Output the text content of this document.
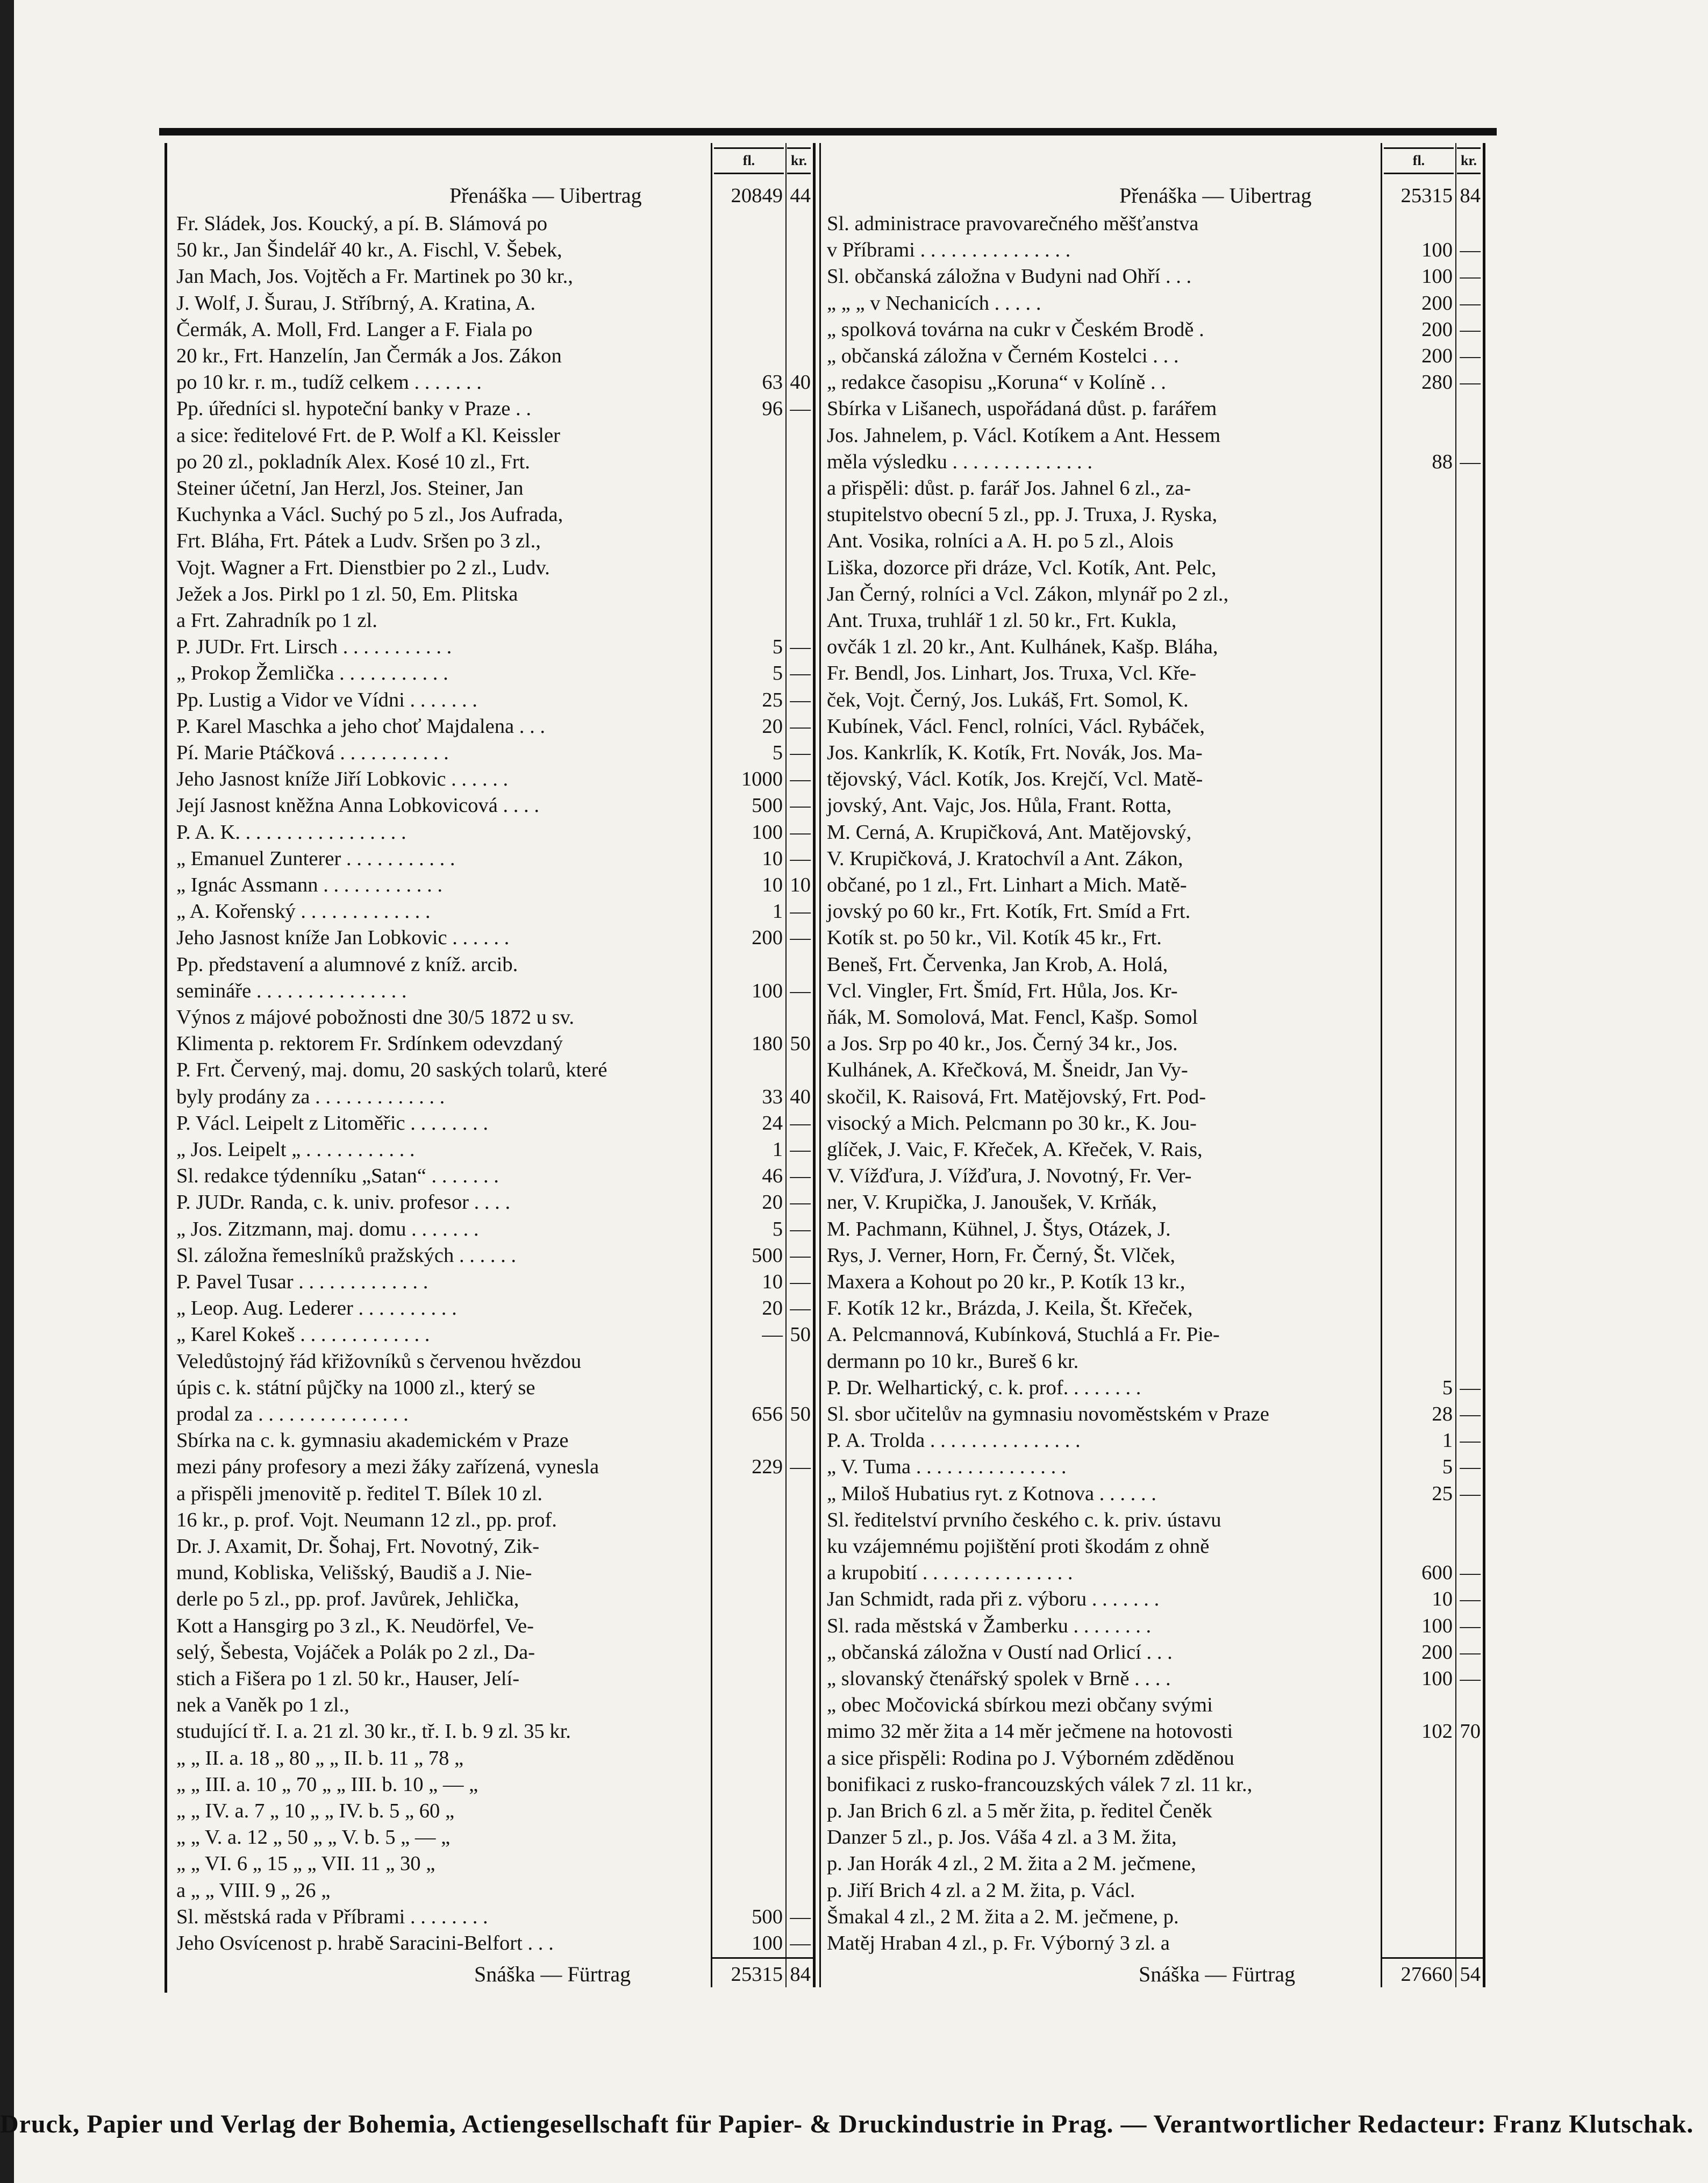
fl.	kr.	fl.	kr.
Přenáška — Uibertrag	20849 44	Přenáška — Uibertrag	25315 84
Fr. Sládek, Jos. Koucký, a pí. B. Slámová po
50 kr., Jan Šindelář 40 kr., A. Fischl, V. Šebek,
Jan Mach, Jos. Vojtěch a Fr. Martinek po 30 kr.,
J. Wolf, J. Šurau, J. Stříbrný, A. Kratina, A.
Čermák, A. Moll, Frd. Langer a F. Fiala po
20 kr., Frt. Hanzelín, Jan Čermák a Jos. Zákon
po 10 kr. r. m., tudíž celkem . . . . . . .	63 40
Pp. úředníci sl. hypoteční banky v Praze . .	96 —
a sice: ředitelové Frt. de P. Wolf a Kl. Keissler
po 20 zl., pokladník Alex. Kosé 10 zl., Frt.
Steiner účetní, Jan Herzl, Jos. Steiner, Jan
Kuchynka a Václ. Suchý po 5 zl., Jos Aufrada,
Frt. Bláha, Frt. Pátek a Ludv. Sršen po 3 zl.,
Vojt. Wagner a Frt. Dienstbier po 2 zl., Ludv.
Ježek a Jos. Pirkl po 1 zl. 50, Em. Plitska
a Frt. Zahradník po 1 zl.
P. JUDr. Frt. Lirsch . . . . . . . . . . .	5 —
„ Prokop Žemlička . . . . . . . . . . .	5 —
Pp. Lustig a Vidor ve Vídni . . . . . . .	25 —
P. Karel Maschka a jeho choť Majdalena . . .	20 —
Pí. Marie Ptáčková . . . . . . . . . . .	5 —
Jeho Jasnost kníže Jiří Lobkovic . . . . . .	1000 —
Její Jasnost kněžna Anna Lobkovicová . . . .	500 —
P. A. K. . . . . . . . . . . . . . . . .	100 —
„ Emanuel Zunterer . . . . . . . . . . .	10 —
„ Ignác Assmann . . . . . . . . . . . .	10 10
„ A. Kořenský . . . . . . . . . . . . .	1 —
Jeho Jasnost kníže Jan Lobkovic . . . . . .	200 —
Pp. představení a alumnové z kníž. arcib.
semináře . . . . . . . . . . . . . . .	100 —
Výnos z májové pobožnosti dne 30/5 1872 u sv.
Klimenta p. rektorem Fr. Srdínkem odevzdaný	180 50
P. Frt. Červený, maj. domu, 20 saských tolarů, které
byly prodány za . . . . . . . . . . . . .	33 40
P. Václ. Leipelt z Litoměřic . . . . . . . .	24 —
„ Jos. Leipelt „ . . . . . . . . . . .	1 —
Sl. redakce týdenníku „Satan“ . . . . . . .	46 —
P. JUDr. Randa, c. k. univ. profesor . . . .	20 —
„ Jos. Zitzmann, maj. domu . . . . . . .	5 —
Sl. záložna řemeslníků pražských . . . . . .	500 —
P. Pavel Tusar . . . . . . . . . . . . .	10 —
„ Leop. Aug. Lederer . . . . . . . . . .	20 —
„ Karel Kokeš . . . . . . . . . . . . .	— 50
Veledůstojný řád křižovníků s červenou hvězdou
úpis c. k. státní půjčky na 1000 zl., který se
prodal za . . . . . . . . . . . . . . .	656 50
Sbírka na c. k. gymnasiu akademickém v Praze
mezi pány profesory a mezi žáky zařízená, vynesla	229 —
a přispěli jmenovitě p. ředitel T. Bílek 10 zl.
16 kr., p. prof. Vojt. Neumann 12 zl., pp. prof.
Dr. J. Axamit, Dr. Šohaj, Frt. Novotný, Zik-
mund, Kobliska, Velišský, Baudiš a J. Nie-
derle po 5 zl., pp. prof. Javůrek, Jehlička,
Kott a Hansgirg po 3 zl., K. Neudörfel, Ve-
selý, Šebesta, Vojáček a Polák po 2 zl., Da-
stich a Fišera po 1 zl. 50 kr., Hauser, Jelí-
nek a Vaněk po 1 zl.,
studující tř. I. a. 21 zl. 30 kr., tř. I. b. 9 zl. 35 kr.
„ „ II. a. 18 „ 80 „ „ II. b. 11 „ 78 „
„ „ III. a. 10 „ 70 „ „ III. b. 10 „ — „
„ „ IV. a. 7 „ 10 „ „ IV. b. 5 „ 60 „
„ „ V. a. 12 „ 50 „ „ V. b. 5 „ — „
„ „ VI. 6 „ 15 „ „ VII. 11 „ 30 „
a „ „ VIII. 9 „ 26 „
Sl. městská rada v Příbrami . . . . . . . .	500 —
Jeho Osvícenost p. hrabě Saracini-Belfort . . .	100 —
Sl. administrace pravovarečného měšťanstva
v Příbrami . . . . . . . . . . . . . . .	100 —
Sl. občanská záložna v Budyni nad Ohří . . .	100 —
„ „ „ v Nechanicích . . . . .	200 —
„ spolková továrna na cukr v Českém Brodě .	200 —
„ občanská záložna v Černém Kostelci . . .	200 —
„ redakce časopisu „Koruna“ v Kolíně . .	280 —
Sbírka v Lišanech, uspořádaná důst. p. farářem
Jos. Jahnelem, p. Václ. Kotíkem a Ant. Hessem
měla výsledku . . . . . . . . . . . . . .	88 —
a přispěli: důst. p. farář Jos. Jahnel 6 zl., za-
stupitelstvo obecní 5 zl., pp. J. Truxa, J. Ryska,
Ant. Vosika, rolníci a A. H. po 5 zl., Alois
Liška, dozorce při dráze, Vcl. Kotík, Ant. Pelc,
Jan Černý, rolníci a Vcl. Zákon, mlynář po 2 zl.,
Ant. Truxa, truhlář 1 zl. 50 kr., Frt. Kukla,
ovčák 1 zl. 20 kr., Ant. Kulhánek, Kašp. Bláha,
Fr. Bendl, Jos. Linhart, Jos. Truxa, Vcl. Kře-
ček, Vojt. Černý, Jos. Lukáš, Frt. Somol, K.
Kubínek, Václ. Fencl, rolníci, Václ. Rybáček,
Jos. Kankrlík, K. Kotík, Frt. Novák, Jos. Ma-
tějovský, Václ. Kotík, Jos. Krejčí, Vcl. Matě-
jovský, Ant. Vajc, Jos. Hůla, Frant. Rotta,
M. Cerná, A. Krupičková, Ant. Matějovský,
V. Krupičková, J. Kratochvíl a Ant. Zákon,
občané, po 1 zl., Frt. Linhart a Mich. Matě-
jovský po 60 kr., Frt. Kotík, Frt. Smíd a Frt.
Kotík st. po 50 kr., Vil. Kotík 45 kr., Frt.
Beneš, Frt. Červenka, Jan Krob, A. Holá,
Vcl. Vingler, Frt. Šmíd, Frt. Hůla, Jos. Kr-
ňák, M. Somolová, Mat. Fencl, Kašp. Somol
a Jos. Srp po 40 kr., Jos. Černý 34 kr., Jos.
Kulhánek, A. Křečková, M. Šneidr, Jan Vy-
skočil, K. Raisová, Frt. Matějovský, Frt. Pod-
visocký a Mich. Pelcmann po 30 kr., K. Jou-
glíček, J. Vaic, F. Křeček, A. Křeček, V. Rais,
V. Vížďura, J. Vížďura, J. Novotný, Fr. Ver-
ner, V. Krupička, J. Janoušek, V. Krňák,
M. Pachmann, Kühnel, J. Štys, Otázek, J.
Rys, J. Verner, Horn, Fr. Černý, Št. Vlček,
Maxera a Kohout po 20 kr., P. Kotík 13 kr.,
F. Kotík 12 kr., Brázda, J. Keila, Št. Křeček,
A. Pelcmannová, Kubínková, Stuchlá a Fr. Pie-
dermann po 10 kr., Bureš 6 kr.
P. Dr. Welhartický, c. k. prof. . . . . . . .	5 —
Sl. sbor učitelův na gymnasiu novoměstském v Praze	28 —
P. A. Trolda . . . . . . . . . . . . . . .	1 —
„ V. Tuma . . . . . . . . . . . . . . .	5 —
„ Miloš Hubatius ryt. z Kotnova . . . . . .	25 —
Sl. ředitelství prvního českého c. k. priv. ústavu
ku vzájemnému pojištění proti škodám z ohně
a krupobití . . . . . . . . . . . . . . .	600 —
Jan Schmidt, rada při z. výboru . . . . . . .	10 —
Sl. rada městská v Žamberku . . . . . . . .	100 —
„ občanská záložna v Oustí nad Orlicí . . .	200 —
„ slovanský čtenářský spolek v Brně . . . .	100 —
„ obec Močovická sbírkou mezi občany svými
mimo 32 měr žita a 14 měr ječmene na hotovosti	102 70
a sice přispěli: Rodina po J. Výborném zděděnou
bonifikaci z rusko-francouzských válek 7 zl. 11 kr.,
p. Jan Brich 6 zl. a 5 měr žita, p. ředitel Čeněk
Danzer 5 zl., p. Jos. Váša 4 zl. a 3 M. žita,
p. Jan Horák 4 zl., 2 M. žita a 2 M. ječmene,
p. Jiří Brich 4 zl. a 2 M. žita, p. Václ.
Šmakal 4 zl., 2 M. žita a 2. M. ječmene, p.
Matěj Hraban 4 zl., p. Fr. Výborný 3 zl. a
Snáška — Fürtrag	25315 84	Snáška — Fürtrag	27660 54
Druck, Papier und Verlag der Bohemia, Actiengesellschaft für Papier- & Druckindustrie in Prag. — Verantwortlicher Redacteur: Franz Klutschak.
